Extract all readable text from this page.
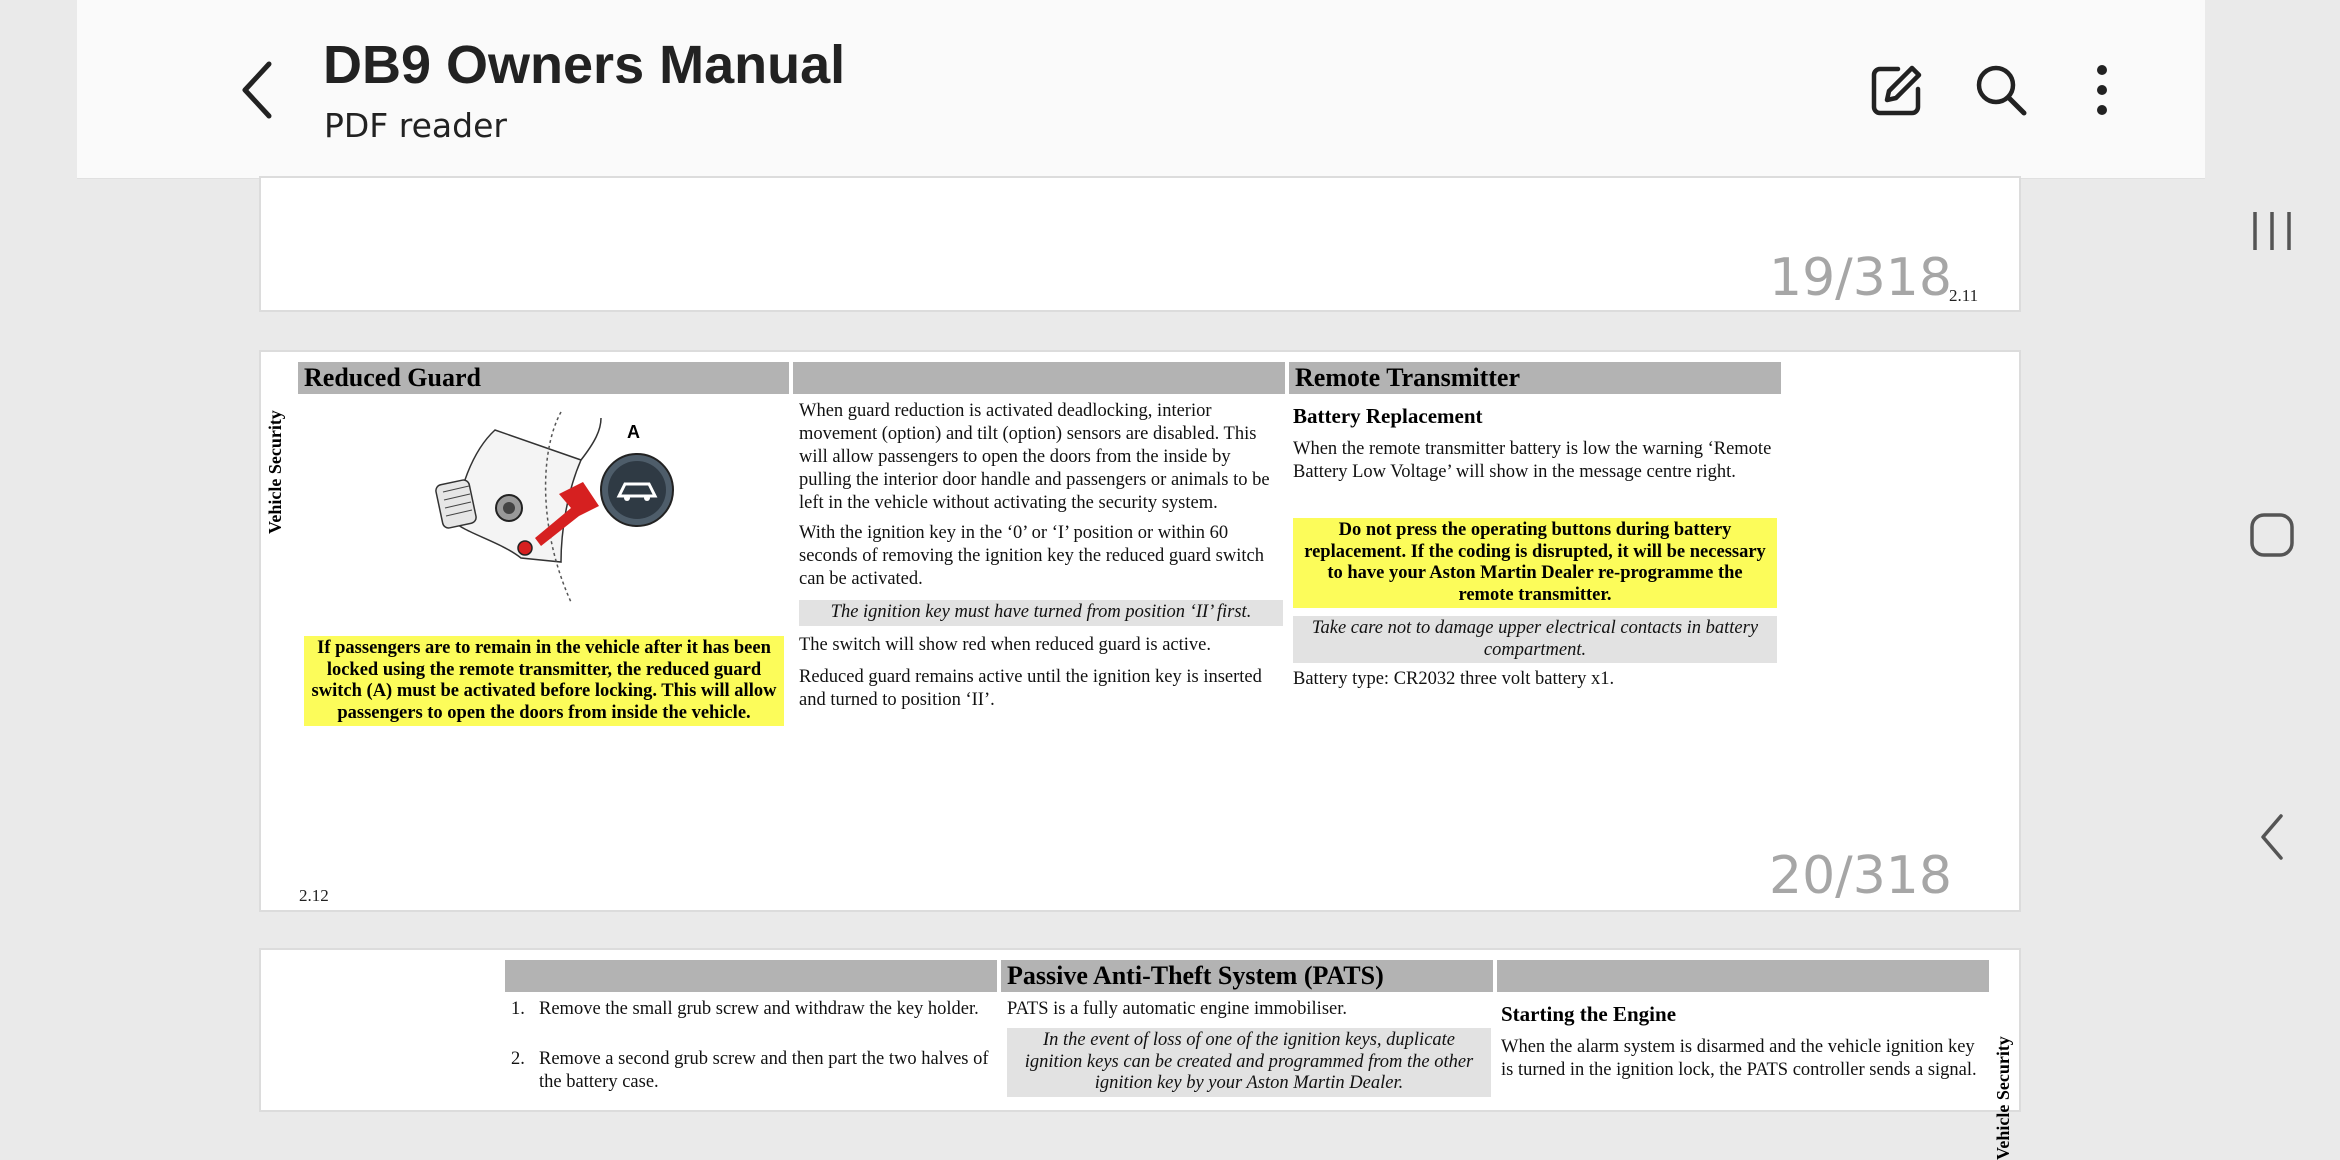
DB9 Owners Manual
PDF reader
19/318
2.11
Vehicle Security
Reduced Guard
A

If passengers are to remain in the vehicle after it has been locked using the remote transmitter, the reduced guard switch (A) must be activated before locking. This will allow passengers to open the doors from inside the vehicle.

When guard reduction is activated deadlocking, interior movement (option) and tilt (option) sensors are disabled. This will allow passengers to open the doors from the inside by pulling the interior door handle and passengers or animals to be left in the vehicle without activating the security system.

With the ignition key in the ‘0’ or ‘I’ position or within 60 seconds of removing the ignition key the reduced guard switch can be activated.

The ignition key must have turned from position ‘II’ first.

The switch will show red when reduced guard is active.

Reduced guard remains active until the ignition key is inserted and turned to position ‘II’.

Remote Transmitter

Battery Replacement

When the remote transmitter battery is low the warning ‘Remote Battery Low Voltage’ will show in the message centre right.

Do not press the operating buttons during battery replacement. If the coding is disrupted, it will be necessary to have your Aston Martin Dealer re-programme the remote transmitter.

Take care not to damage upper electrical contacts in battery compartment.

Battery type: CR2032 three volt battery x1.

2.12	20/318
1. Remove the small grub screw and withdraw the key holder.

2. Remove a second grub screw and then part the two halves of the battery case.

Passive Anti-Theft System (PATS)

PATS is a fully automatic engine immobiliser.

In the event of loss of one of the ignition keys, duplicate ignition keys can be created and programmed from the other ignition key by your Aston Martin Dealer.

Starting the Engine

When the alarm system is disarmed and the vehicle ignition key is turned in the ignition lock, the PATS controller sends a signal. Vehicle Security
